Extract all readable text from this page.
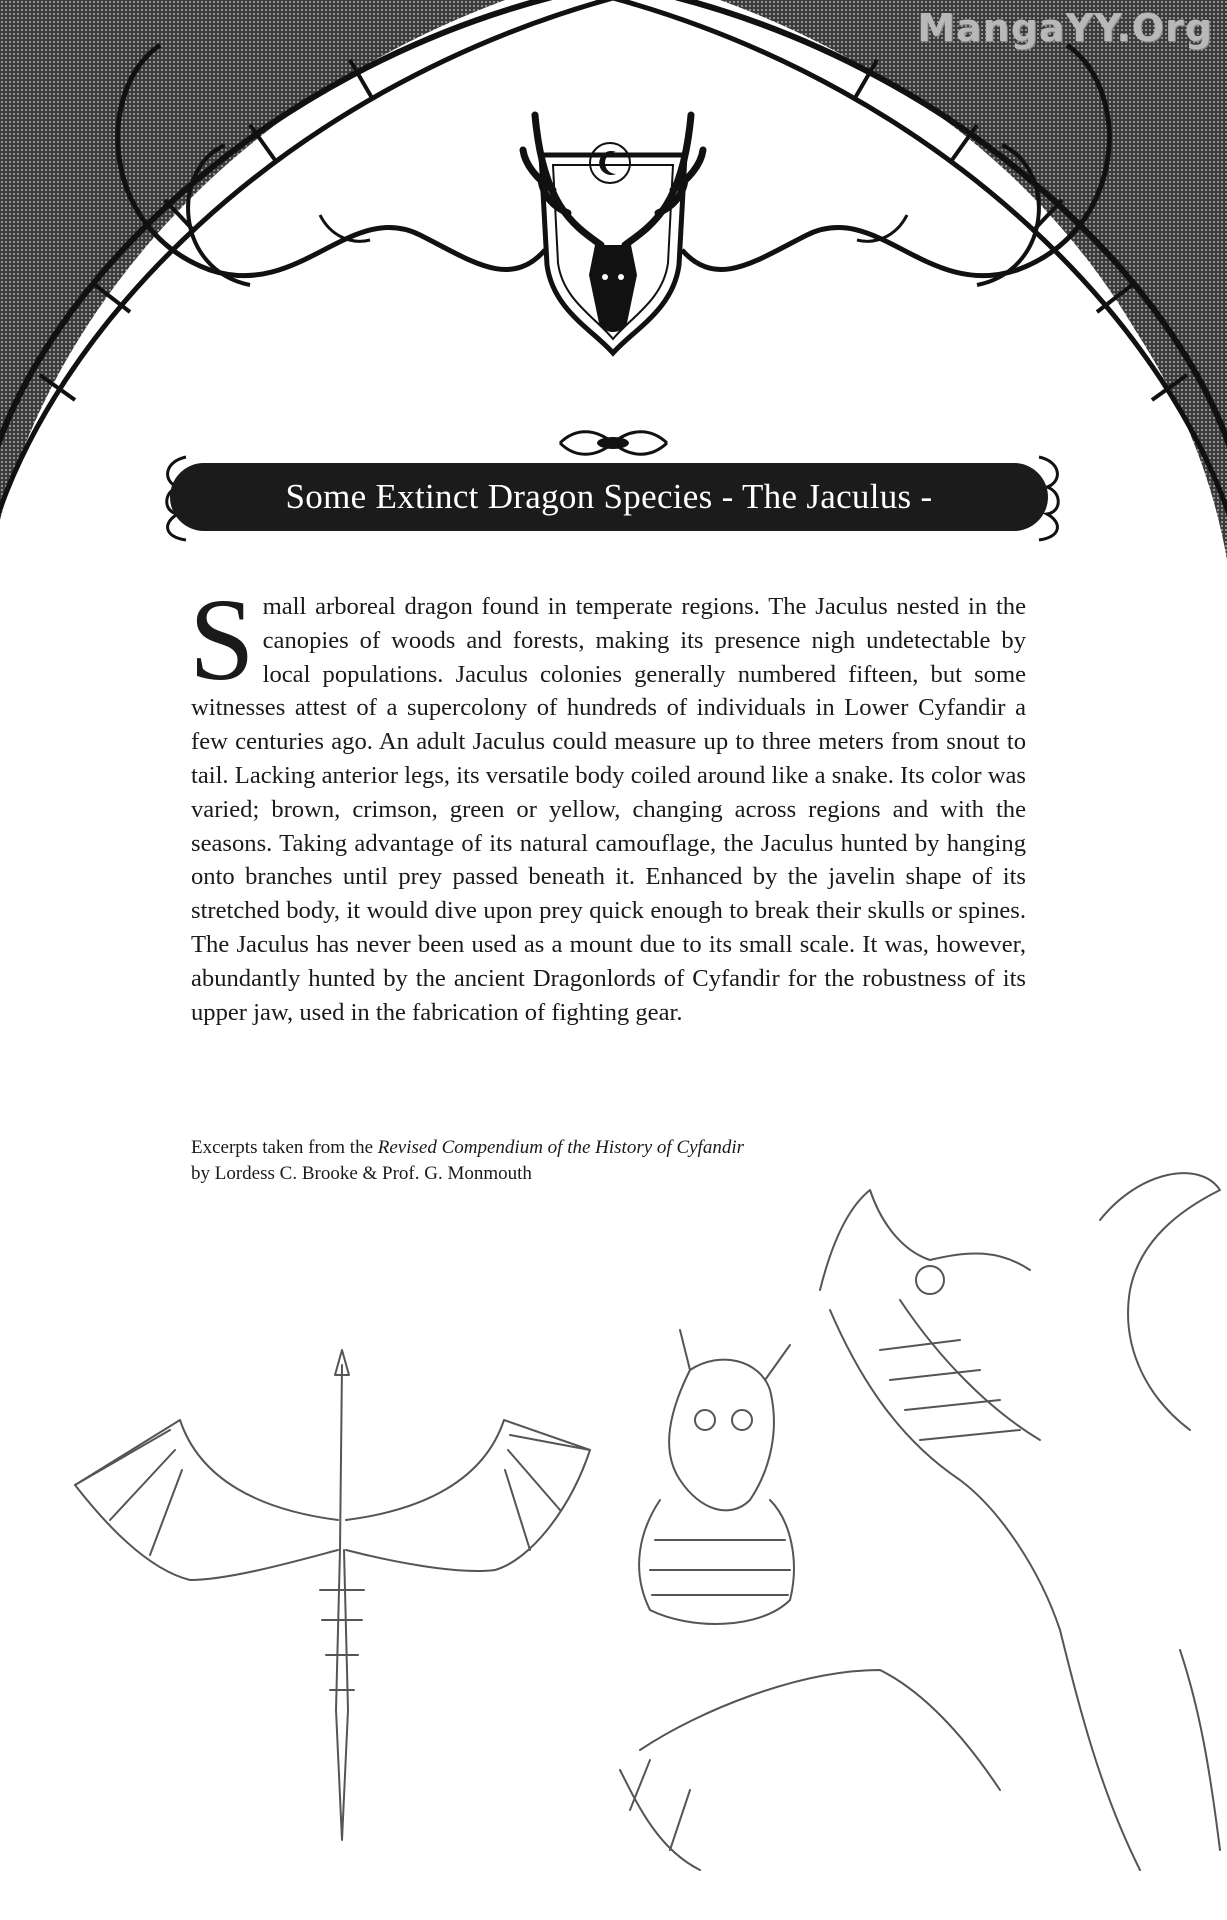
Some Extinct Dragon Species - The Jaculus -
MangaYY.Org
Small arboreal dragon found in temperate regions. The Jaculus nested in the canopies of woods and forests, making its presence nigh undetectable by local populations. Jaculus colonies generally numbered fifteen, but some witnesses attest of a supercolony of hundreds of individuals in Lower Cyfandir a few centuries ago. An adult Jaculus could measure up to three meters from snout to tail. Lacking anterior legs, its versatile body coiled around like a snake. Its color was varied; brown, crimson, green or yellow, changing across regions and with the seasons. Taking advantage of its natural camouflage, the Jaculus hunted by hanging onto branches until prey passed beneath it. Enhanced by the javelin shape of its stretched body, it would dive upon prey quick enough to break their skulls or spines. The Jaculus has never been used as a mount due to its small scale. It was, however, abundantly hunted by the ancient Dragonlords of Cyfandir for the robustness of its upper jaw, used in the fabrication of fighting gear.
Excerpts taken from the Revised Compendium of the History of Cyfandir
by Lordess C. Brooke & Prof. G. Monmouth
